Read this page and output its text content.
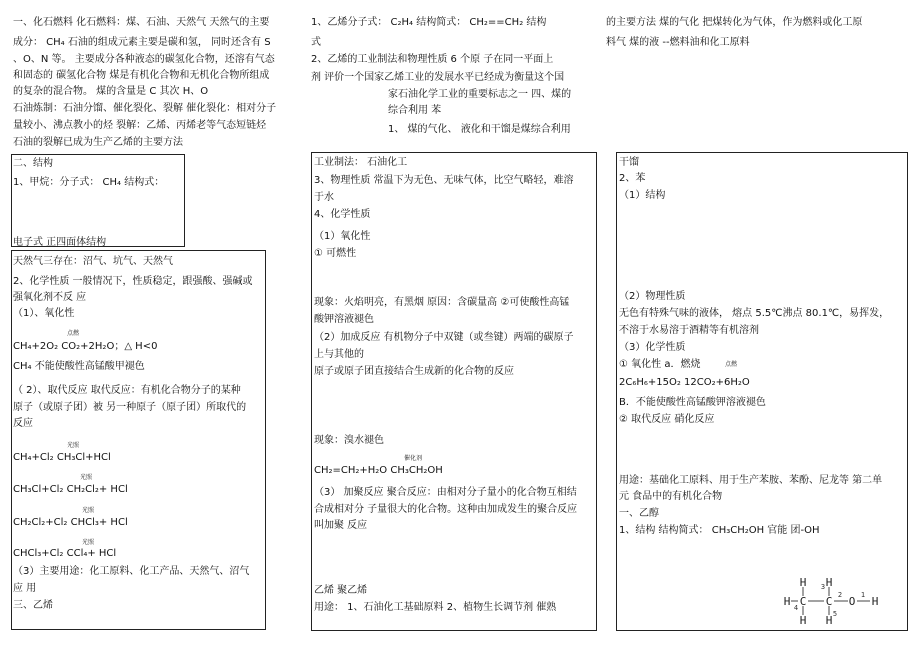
一、化石燃料 化石燃料：煤、石油、天然气 天然气的主要
成分： CH₄ 石油的组成元素主要是碳和氢， 同时还含有 S
、O、N 等。 主要成分各种液态的碳氢化合物，还溶有气态
和固态的 碳氢化合物 煤是有机化合物和无机化合物所组成
的复杂的混合物。 煤的含量是 C 其次 H、O
石油炼制：石油分馏、催化裂化、裂解 催化裂化：相对分子
量较小、沸点教小的烃 裂解：乙烯、丙烯老等气态短链烃
石油的裂解已成为生产乙烯的主要方法
二、结构
1、甲烷：分子式： CH₄ 结构式：
电子式 正四面体结构
天然气三存在：沼气、坑气、天然气
2、化学性质 一般情况下，性质稳定，跟强酸、强碱或
强氧化剂不反 应
（1）、氧化性
点燃
CH₄+2O₂ CO₂+2H₂O；△ H<0
CH₄ 不能使酸性高锰酸甲褪色
（ 2）、取代反应 取代反应：有机化合物分子的某种
原子（或原子团）被 另一种原子（原子团）所取代的
反应
光照
CH₄+Cl₂ CH₃Cl+HCl
光照
CH₃Cl+Cl₂ CH₂Cl₂+ HCl
光照
CH₂Cl₂+Cl₂ CHCl₃+ HCl
光照
CHCl₃+Cl₂ CCl₄+ HCl
（3）主要用途：化工原料、化工产品、天然气、沼气
应 用
三、乙烯
1、乙烯分子式： C₂H₄ 结构简式： CH₂==CH₂ 结构
式
2、乙烯的工业制法和物理性质 6 个原 子在同一平面上
剂 评价一个国家乙烯工业的发展水平已经成为衡量这个国
家石油化学工业的重要标志之一 四、煤的
综合利用 苯
1、 煤的气化、 液化和干馏是煤综合利用
工业制法： 石油化工
3、物理性质 常温下为无色、无味气体，比空气略轻，难溶
于水
4、化学性质
（1）氧化性
① 可燃性
现象：火焰明亮，有黑烟 原因：含碳量高 ②可使酸性高锰
酸钾溶液褪色
（2）加成反应 有机物分子中双键（或叁键）两端的碳原子
上与其他的
原子或原子团直接结合生成新的化合物的反应
现象：溴水褪色
催化剂
CH₂=CH₂+H₂O CH₃CH₂OH
（3） 加聚反应 聚合反应：由相对分子量小的化合物互相结
合成相对分 子量很大的化合物。这种由加成发生的聚合反应
叫加聚 反应
乙烯 聚乙烯
用途： 1、石油化工基础原料 2、植物生长调节剂 催熟
的主要方法 煤的气化 把煤转化为气体，作为燃料或化工原
料气 煤的液 --燃料油和化工原料
干馏
2、苯
（1）结构
（2）物理性质
无色有特殊气味的液体， 熔点 5.5℃沸点 80.1℃，易挥发，
不溶于水易溶于酒精等有机溶剂
（3）化学性质
① 氧化性 a．燃烧	点燃
2C₆H₆+15O₂ 12CO₂+6H₂O
B．不能使酸性高锰酸钾溶液褪色
② 取代反应 硝化反应
用途：基础化工原料、用于生产苯胺、苯酚、尼龙等 第二单
元 食品中的有机化合物
一、乙醇
1、结构 结构简式： CH₃CH₂OH 官能 团-OH
H C C O H
H H
H H
4
3
2	1
5
